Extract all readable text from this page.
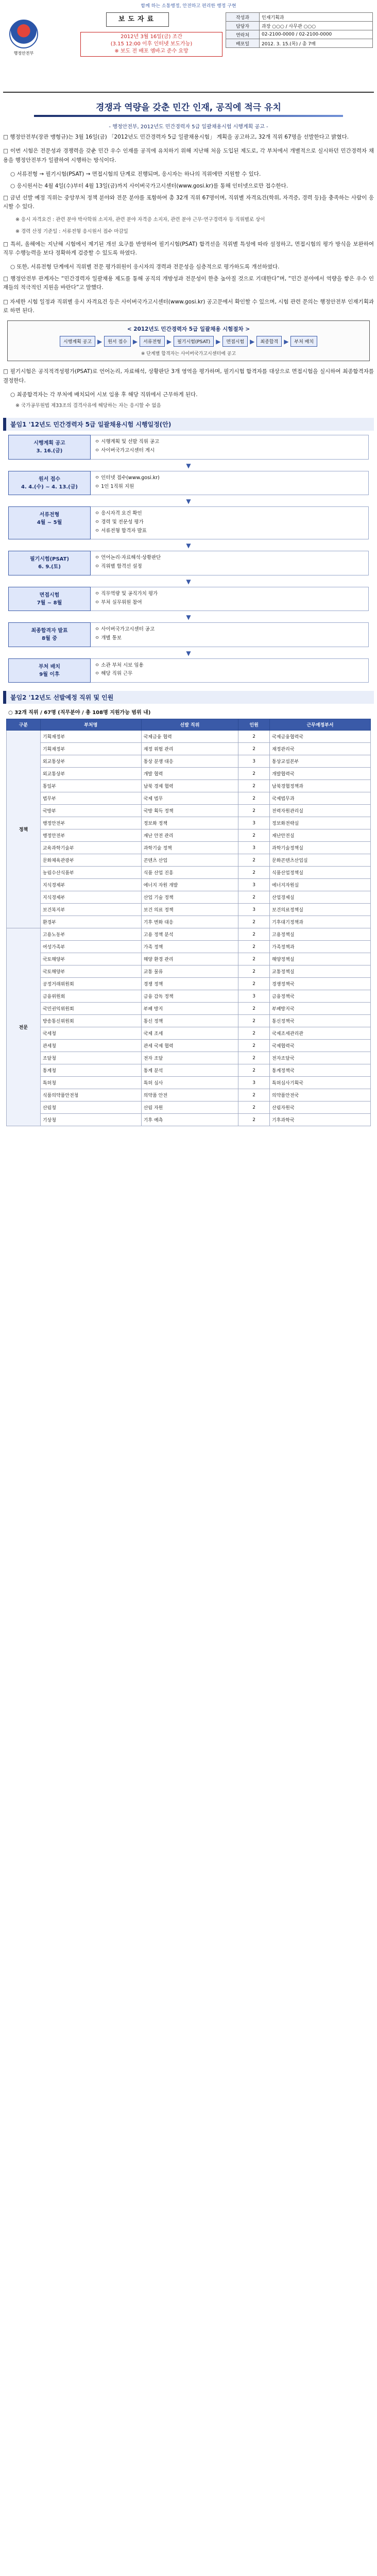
함께 하는 소통행정, 안전하고 편리한 행정 구현
행정안전부
보도자료
2012년 3월 16일(금) 조간
(3.15 12:00 이후 인터넷 보도가능)
※ 보도 전 배포 엠바고 준수 요망
작성과	인재기획과
담당자	과장 ○○○ / 사무관 ○○○
연락처	02-2100-0000 / 02-2100-0000
배포일	2012. 3. 15.(목) / 총 7매
경쟁과 역량을 갖춘 민간 인재, 공직에 적극 유치
- 행정안전부, 2012년도 민간경력자 5급 일괄채용시험 시행계획 공고 -
□ 행정안전부(장관 맹형규)는 3월 16일(금) 「2012년도 민간경력자 5급 일괄채용시험」 계획을 공고하고, 32개 직위 67명을 선발한다고 밝혔다.
□ 이번 시험은 전문성과 경쟁력을 갖춘 민간 우수 인재를 공직에 유치하기 위해 지난해 처음 도입된 제도로, 각 부처에서 개별적으로 실시하던 민간경력자 채용을 행정안전부가 일괄하여 시행하는 방식이다.
○ 서류전형 → 필기시험(PSAT) → 면접시험의 단계로 진행되며, 응시자는 하나의 직위에만 지원할 수 있다.
○ 응시원서는 4월 4일(수)부터 4월 13일(금)까지 사이버국가고시센터(www.gosi.kr)를 통해 인터넷으로만 접수한다.
□ 금년 선발 예정 직위는 중앙부처 정책 분야와 전문 분야를 포함하여 총 32개 직위 67명이며, 직위별 자격요건(학위, 자격증, 경력 등)을 충족하는 사람이 응시할 수 있다.
※ 응시 자격요건 : 관련 분야 박사학위 소지자, 관련 분야 자격증 소지자, 관련 분야 근무·연구경력자 등 직위별로 상이
※ 경력 산정 기준일 : 서류전형 응시원서 접수 마감일
□ 특히, 올해에는 지난해 시험에서 제기된 개선 요구를 반영하여 필기시험(PSAT) 합격선을 직위별 특성에 따라 설정하고, 면접시험의 평가 방식을 보완하여 직무 수행능력을 보다 정확하게 검증할 수 있도록 하였다.
○ 또한, 서류전형 단계에서 직위별 전문 평가위원이 응시자의 경력과 전문성을 심층적으로 평가하도록 개선하였다.
□ 행정안전부 관계자는 “민간경력자 일괄채용 제도를 통해 공직의 개방성과 전문성이 한층 높아질 것으로 기대한다”며, “민간 분야에서 역량을 쌓은 우수 인재들의 적극적인 지원을 바란다”고 말했다.
□ 자세한 시험 일정과 직위별 응시 자격요건 등은 사이버국가고시센터(www.gosi.kr) 공고문에서 확인할 수 있으며, 시험 관련 문의는 행정안전부 인재기획과로 하면 된다.
< 2012년도 민간경력자 5급 일괄채용 시험절차 >
시행계획 공고 ▶	원서 접수 ▶	서류전형 ▶	필기시험(PSAT) ▶	면접시험 ▶	최종합격 ▶	부처 배치
※ 단계별 합격자는 사이버국가고시센터에 공고
□ 필기시험은 공직적격성평가(PSAT)로 언어논리, 자료해석, 상황판단 3개 영역을 평가하며, 필기시험 합격자를 대상으로 면접시험을 실시하여 최종합격자를 결정한다.
○ 최종합격자는 각 부처에 배치되어 시보 임용 후 해당 직위에서 근무하게 된다.
※ 국가공무원법 제33조의 결격사유에 해당하는 자는 응시할 수 없음
붙임1 '12년도 민간경력자 5급 일괄채용시험 시행일정(안)
시행계획 공고
3. 16.(금)
ㅇ 시행계획 및 선발 직위 공고
ㅇ 사이버국가고시센터 게시
▼
원서 접수
4. 4.(수) ~ 4. 13.(금)
ㅇ 인터넷 접수(www.gosi.kr)
ㅇ 1인 1직위 지원
▼
서류전형
4월 ~ 5월
ㅇ 응시자격 요건 확인
ㅇ 경력 및 전문성 평가
ㅇ 서류전형 합격자 발표
▼
필기시험(PSAT)
6. 9.(토)
ㅇ 언어논리·자료해석·상황판단
ㅇ 직위별 합격선 설정
▼
면접시험
7월 ~ 8월
ㅇ 직무역량 및 공직가치 평가
ㅇ 부처 실무위원 참여
▼
최종합격자 발표
8월 중
ㅇ 사이버국가고시센터 공고
ㅇ 개별 통보
▼
부처 배치
9월 이후
ㅇ 소관 부처 시보 임용
ㅇ 해당 직위 근무
붙임2 '12년도 선발예정 직위 및 인원
○ 32개 직위 / 67명 (직무분야 / 총 108명 지원가능 범위 내)
구분	부처명	선발 직위	인원	근무예정부서
정책	기획재정부	국제금융 협력	2	국제금융협력국
	기획재정부	재정 위험 관리	2	재정관리국
	외교통상부	통상 분쟁 대응	3	통상교섭본부
	외교통상부	개발 협력	2	개발협력국
	통일부	남북 경제 협력	2	남북경협정책과
	법무부	국제 법무	2	국제법무과
	국방부	국방 획득 정책	2	전력자원관리실
	행정안전부	정보화 정책	3	정보화전략실
	행정안전부	재난 안전 관리	2	재난안전실
	교육과학기술부	과학기술 정책	3	과학기술정책실
	문화체육관광부	콘텐츠 산업	2	문화콘텐츠산업실
	농림수산식품부	식품 산업 진흥	2	식품산업정책실
	지식경제부	에너지 자원 개발	3	에너지자원실
	지식경제부	산업 기술 정책	2	산업경제실
	보건복지부	보건 의료 정책	3	보건의료정책실
	환경부	기후 변화 대응	2	기후대기정책과
전문	고용노동부	고용 정책 분석	2	고용정책실
	여성가족부	가족 정책	2	가족정책과
	국토해양부	해양 환경 관리	2	해양정책실
	국토해양부	교통 물류	2	교통정책실
	공정거래위원회	경쟁 정책	2	경쟁정책국
	금융위원회	금융 감독 정책	3	금융정책국
	국민권익위원회	부패 방지	2	부패방지국
	방송통신위원회	통신 정책	2	통신정책국
	국세청	국제 조세	2	국제조세관리관
	관세청	관세 국제 협력	2	국제협력국
	조달청	전자 조달	2	전자조달국
	통계청	통계 분석	2	통계정책국
	특허청	특허 심사	3	특허심사기획국
	식품의약품안전청	의약품 안전	2	의약품안전국
	산림청	산림 자원	2	산림자원국
	기상청	기후 예측	2	기후과학국
